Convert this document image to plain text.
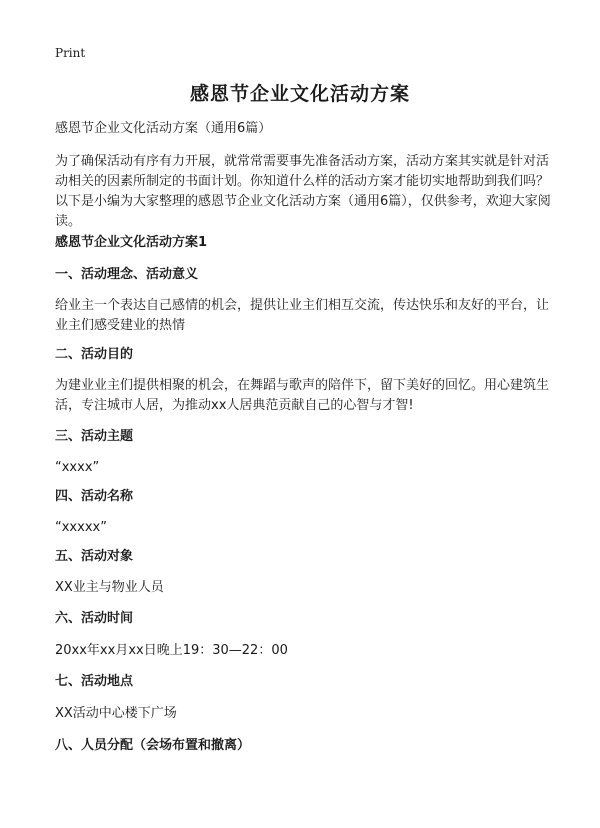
Print
感恩节企业文化活动方案
感恩节企业文化活动方案（通用6篇）
为了确保活动有序有力开展，就常常需要事先准备活动方案，活动方案其实就是针对活动相关的因素所制定的书面计划。你知道什么样的活动方案才能切实地帮助到我们吗？以下是小编为大家整理的感恩节企业文化活动方案（通用6篇），仅供参考，欢迎大家阅读。
感恩节企业文化活动方案1
一、活动理念、活动意义
给业主一个表达自己感情的机会，提供让业主们相互交流，传达快乐和友好的平台，让业主们感受建业的热情
二、活动目的
为建业业主们提供相聚的机会，在舞蹈与歌声的陪伴下，留下美好的回忆。用心建筑生活，专注城市人居，为推动xx人居典范贡献自己的心智与才智!
三、活动主题
“xxxx”
四、活动名称
“xxxxx”
五、活动对象
XX业主与物业人员
六、活动时间
20xx年xx月xx日晚上19：30—22：00
七、活动地点
XX活动中心楼下广场
八、人员分配（会场布置和撤离）
